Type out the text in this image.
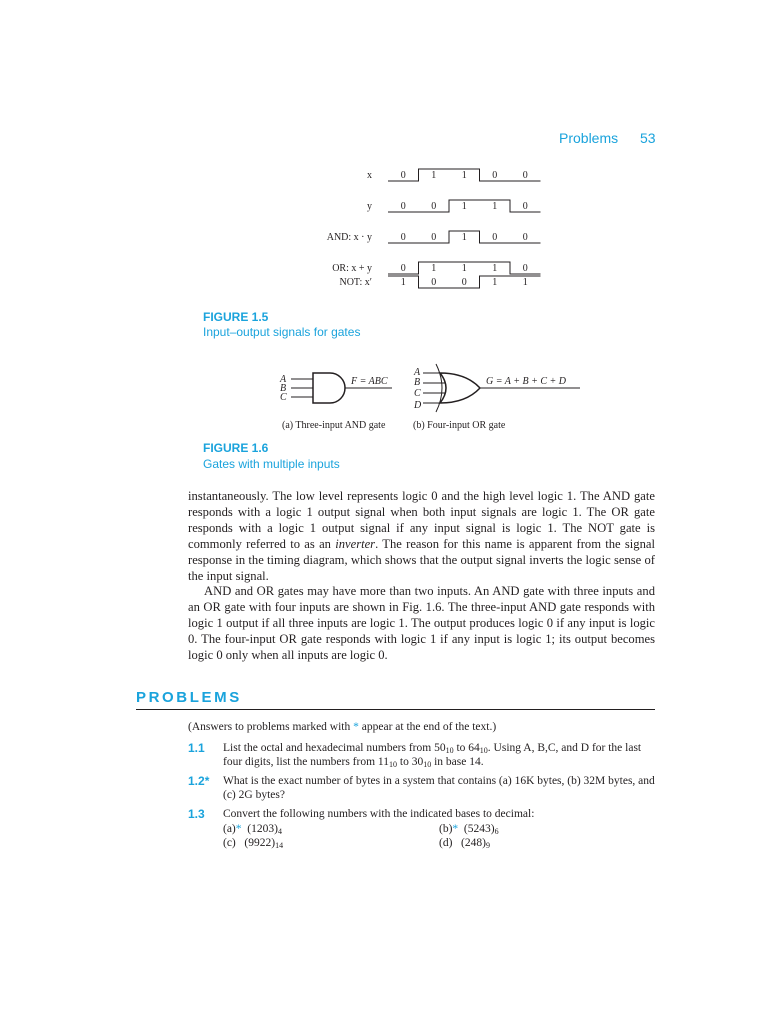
Problems 53
x	0	1	1	0	0
y	0	0	1	1	0
AND: x · y	0	0	1	0	0
OR: x + y	0	1	1	1	0
NOT: x′	1	0	0	1	1
FIGURE 1.5
Input–output signals for gates
A
B
C
F = ABC
A
B
C
D
G = A + B + C + D
(a) Three-input AND gate	(b) Four-input OR gate
FIGURE 1.6
Gates with multiple inputs

instantaneously. The low level represents logic 0 and the high level logic 1. The AND gate responds with a logic 1 output signal when both input signals are logic 1. The OR gate responds with a logic 1 output signal if any input signal is logic 1. The NOT gate is commonly referred to as an inverter. The reason for this name is apparent from the signal response in the timing diagram, which shows that the output signal inverts the logic sense of the input signal.

AND and OR gates may have more than two inputs. An AND gate with three inputs and an OR gate with four inputs are shown in Fig. 1.6. The three-input AND gate responds with logic 1 output if all three inputs are logic 1. The output produces logic 0 if any input is logic 0. The four-input OR gate responds with logic 1 if any input is logic 1; its output becomes logic 0 only when all inputs are logic 0.

PROBLEMS
(Answers to problems marked with * appear at the end of the text.)
1.1 List the octal and hexadecimal numbers from $50_{10}$ to $64_{10}$. Using A, B,C, and D for the last four digits, list the numbers from $11_{10}$ to $30_{10}$ in base 14.
1.2* What is the exact number of bytes in a system that contains (a) 16K bytes, (b) 32M bytes, and (c) 2G bytes?
1.3 Convert the following numbers with the indicated bases to decimal:
(a)* $(1203)_4$	(b)* $(5243)_6$
(c) $(9922)_{14}$	(d) $(248)_9$
